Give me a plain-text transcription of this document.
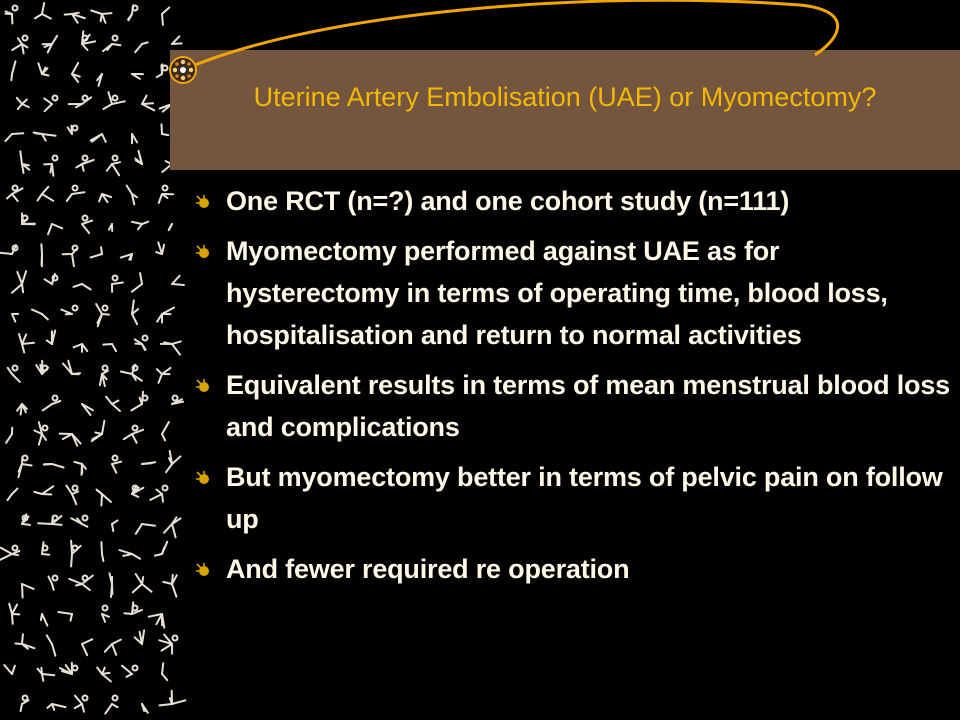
Uterine Artery Embolisation (UAE) or Myomectomy?
One RCT (n=?) and one cohort study (n=111)
Myomectomy performed against UAE as for hysterectomy in terms of operating time, blood loss, hospitalisation and return to normal activities
Equivalent results in terms of mean menstrual blood loss and complications
But myomectomy better in terms of pelvic pain on follow up
And fewer required re operation
